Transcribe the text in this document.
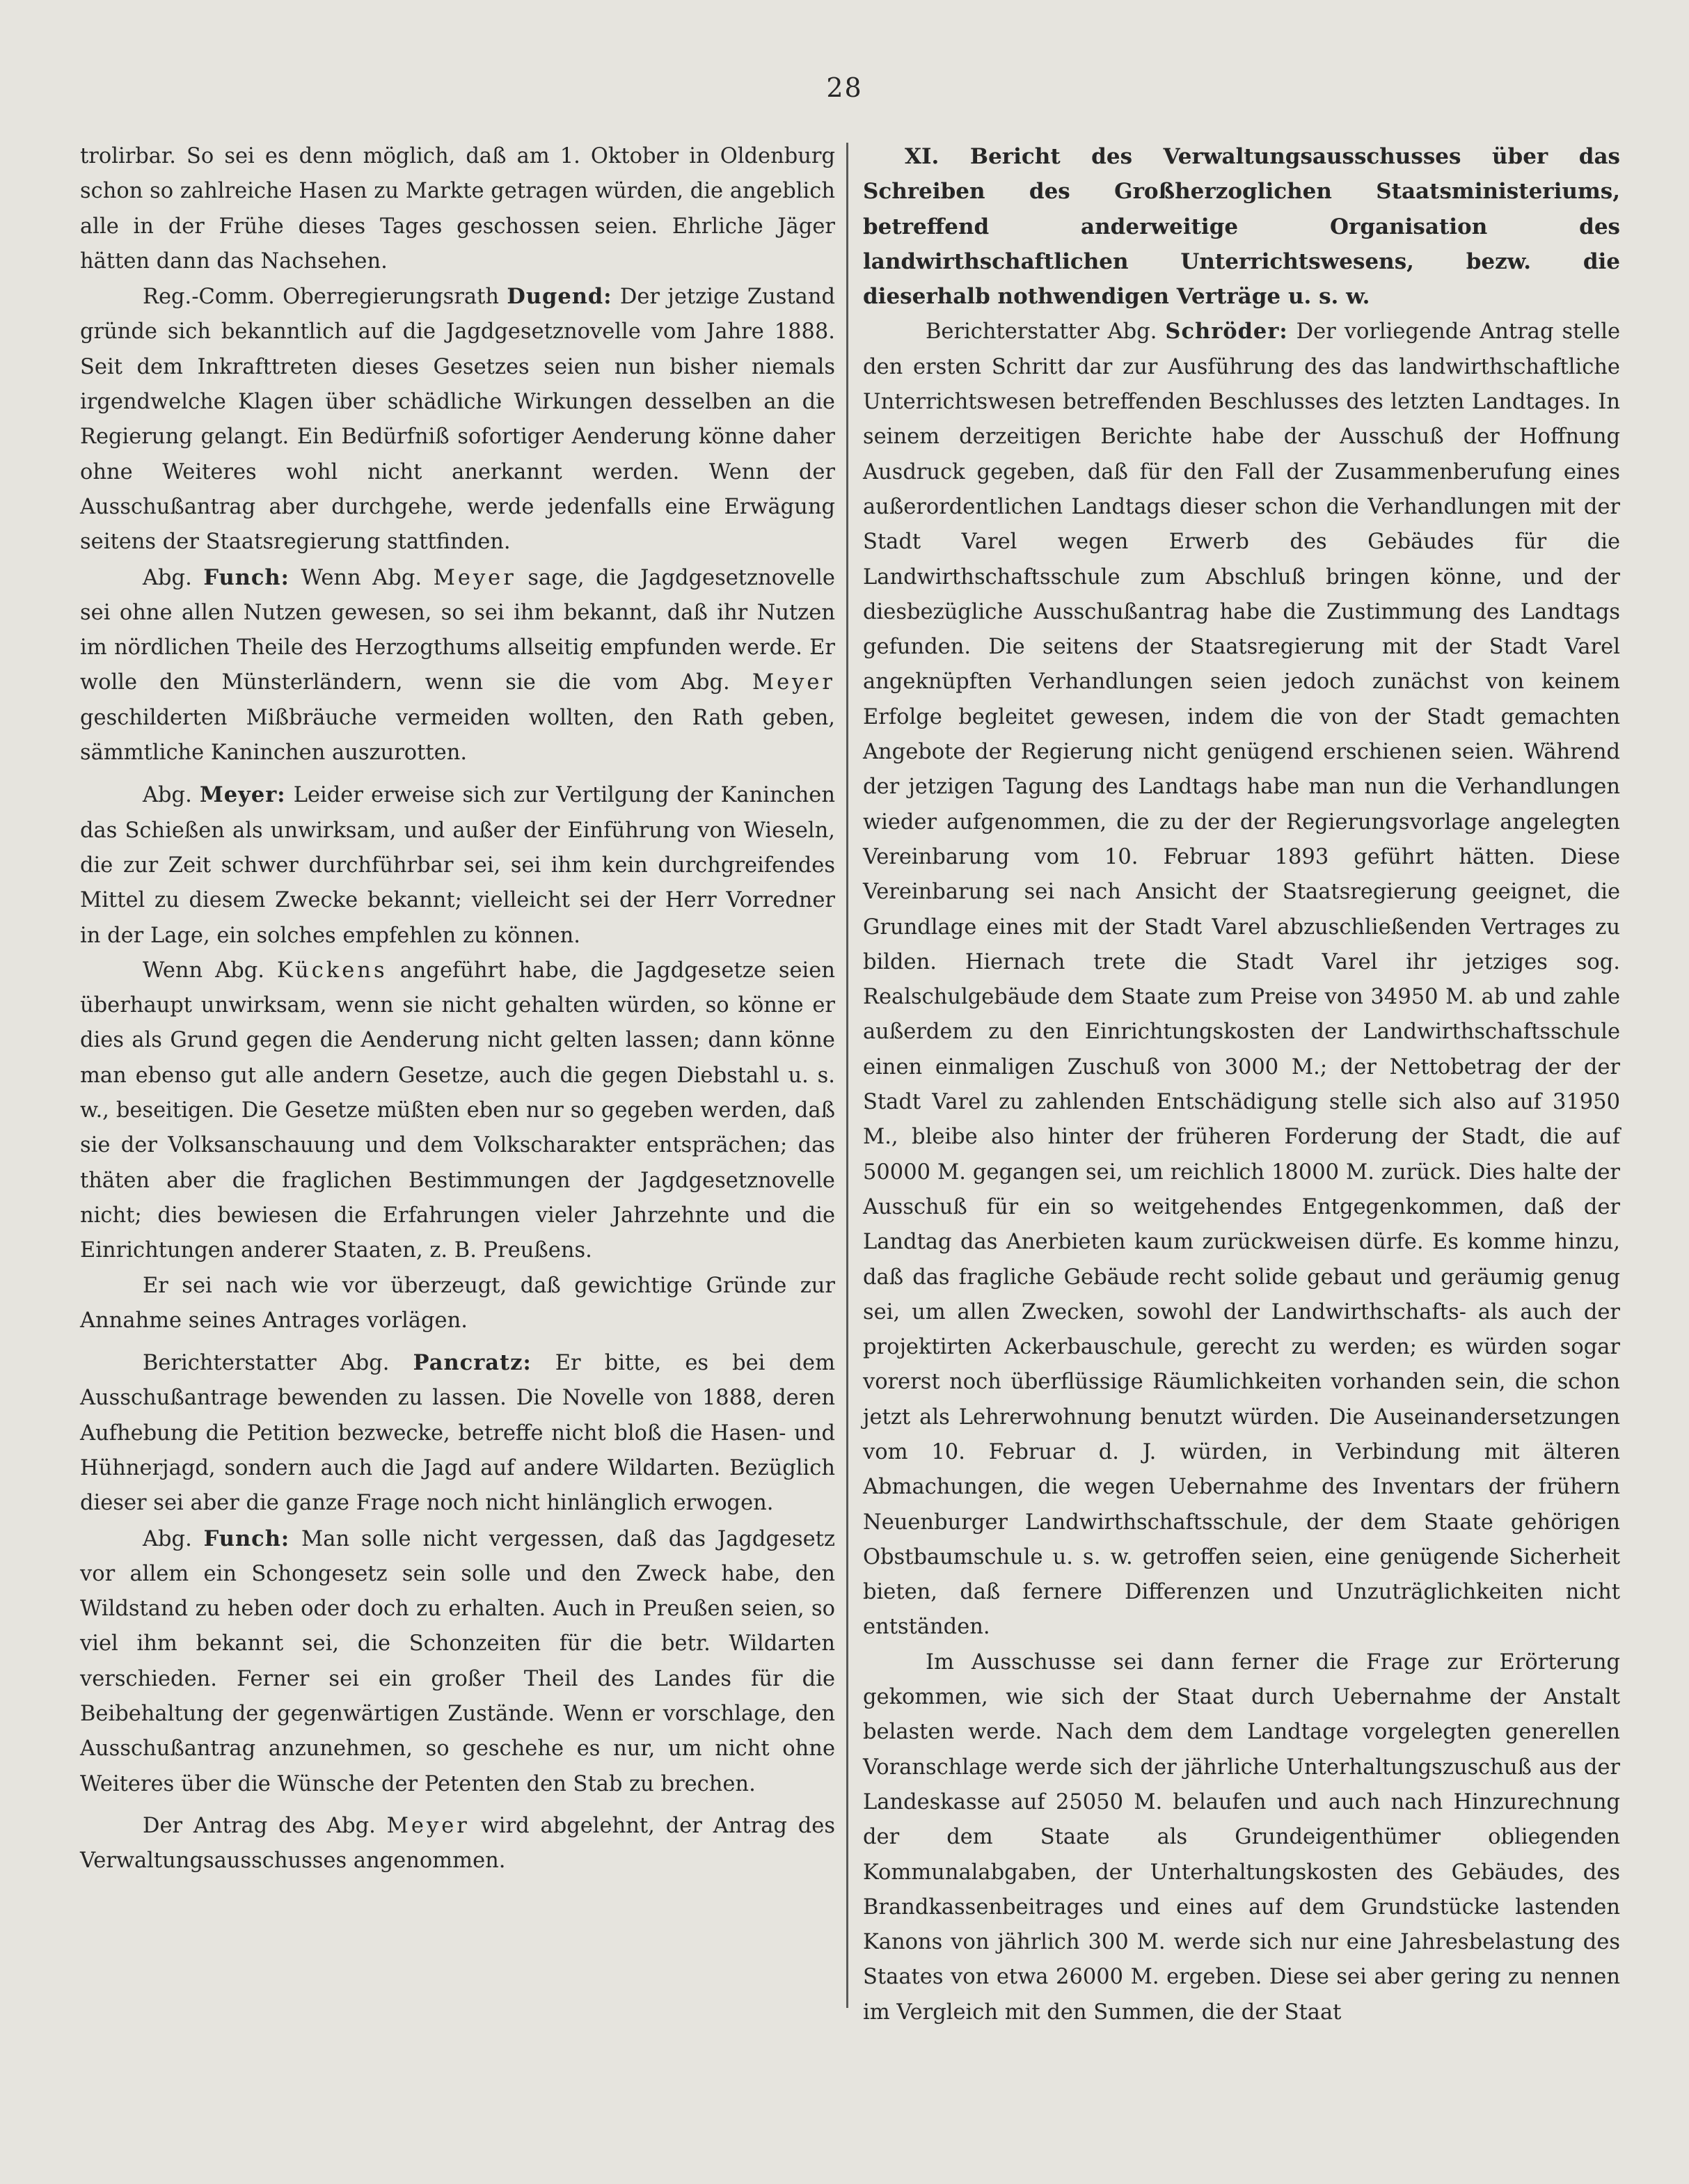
28

trolirbar. So sei es denn möglich, daß am 1. Oktober in Oldenburg schon so zahlreiche Hasen zu Markte getragen würden, die angeblich alle in der Frühe dieses Tages geschossen seien. Ehrliche Jäger hätten dann das Nachsehen.

Reg.-Comm. Oberregierungsrath Dugend: Der jetzige Zustand gründe sich bekanntlich auf die Jagdgesetznovelle vom Jahre 1888. Seit dem Inkrafttreten dieses Gesetzes seien nun bisher niemals irgendwelche Klagen über schädliche Wirkungen desselben an die Regierung gelangt. Ein Bedürfniß sofortiger Aenderung könne daher ohne Weiteres wohl nicht anerkannt werden. Wenn der Ausschußantrag aber durchgehe, werde jedenfalls eine Erwägung seitens der Staatsregierung stattfinden.

Abg. Funch: Wenn Abg. Meyer sage, die Jagdgesetznovelle sei ohne allen Nutzen gewesen, so sei ihm bekannt, daß ihr Nutzen im nördlichen Theile des Herzogthums allseitig empfunden werde. Er wolle den Münsterländern, wenn sie die vom Abg. Meyer geschilderten Mißbräuche vermeiden wollten, den Rath geben, sämmtliche Kaninchen auszurotten.

Abg. Meyer: Leider erweise sich zur Vertilgung der Kaninchen das Schießen als unwirksam, und außer der Einführung von Wieseln, die zur Zeit schwer durchführbar sei, sei ihm kein durchgreifendes Mittel zu diesem Zwecke bekannt; vielleicht sei der Herr Vorredner in der Lage, ein solches empfehlen zu können.

Wenn Abg. Kückens angeführt habe, die Jagdgesetze seien überhaupt unwirksam, wenn sie nicht gehalten würden, so könne er dies als Grund gegen die Aenderung nicht gelten lassen; dann könne man ebenso gut alle andern Gesetze, auch die gegen Diebstahl u. s. w., beseitigen. Die Gesetze müßten eben nur so gegeben werden, daß sie der Volksanschauung und dem Volkscharakter entsprächen; das thäten aber die fraglichen Bestimmungen der Jagdgesetznovelle nicht; dies bewiesen die Erfahrungen vieler Jahrzehnte und die Einrichtungen anderer Staaten, z. B. Preußens.

Er sei nach wie vor überzeugt, daß gewichtige Gründe zur Annahme seines Antrages vorlägen.

Berichterstatter Abg. Pancratz: Er bitte, es bei dem Ausschußantrage bewenden zu lassen. Die Novelle von 1888, deren Aufhebung die Petition bezwecke, betreffe nicht bloß die Hasen- und Hühnerjagd, sondern auch die Jagd auf andere Wildarten. Bezüglich dieser sei aber die ganze Frage noch nicht hinlänglich erwogen.

Abg. Funch: Man solle nicht vergessen, daß das Jagdgesetz vor allem ein Schongesetz sein solle und den Zweck habe, den Wildstand zu heben oder doch zu erhalten. Auch in Preußen seien, so viel ihm bekannt sei, die Schonzeiten für die betr. Wildarten verschieden. Ferner sei ein großer Theil des Landes für die Beibehaltung der gegenwärtigen Zustände. Wenn er vorschlage, den Ausschußantrag anzunehmen, so geschehe es nur, um nicht ohne Weiteres über die Wünsche der Petenten den Stab zu brechen.

Der Antrag des Abg. Meyer wird abgelehnt, der Antrag des Verwaltungsausschusses angenommen.

XI. Bericht des Verwaltungsausschusses über das Schreiben des Großherzoglichen Staatsministeriums, betreffend anderweitige Organisation des landwirthschaftlichen Unterrichtswesens, bezw. die dieserhalb nothwendigen Verträge u. s. w.

Berichterstatter Abg. Schröder: Der vorliegende Antrag stelle den ersten Schritt dar zur Ausführung des das landwirthschaftliche Unterrichtswesen betreffenden Beschlusses des letzten Landtages. In seinem derzeitigen Berichte habe der Ausschuß der Hoffnung Ausdruck gegeben, daß für den Fall der Zusammenberufung eines außerordentlichen Landtags dieser schon die Verhandlungen mit der Stadt Varel wegen Erwerb des Gebäudes für die Landwirthschaftsschule zum Abschluß bringen könne, und der diesbezügliche Ausschußantrag habe die Zustimmung des Landtags gefunden. Die seitens der Staatsregierung mit der Stadt Varel angeknüpften Verhandlungen seien jedoch zunächst von keinem Erfolge begleitet gewesen, indem die von der Stadt gemachten Angebote der Regierung nicht genügend erschienen seien. Während der jetzigen Tagung des Landtags habe man nun die Verhandlungen wieder aufgenommen, die zu der der Regierungsvorlage angelegten Vereinbarung vom 10. Februar 1893 geführt hätten. Diese Vereinbarung sei nach Ansicht der Staatsregierung geeignet, die Grundlage eines mit der Stadt Varel abzuschließenden Vertrages zu bilden. Hiernach trete die Stadt Varel ihr jetziges sog. Realschulgebäude dem Staate zum Preise von 34950 M. ab und zahle außerdem zu den Einrichtungskosten der Landwirthschaftsschule einen einmaligen Zuschuß von 3000 M.; der Nettobetrag der der Stadt Varel zu zahlenden Entschädigung stelle sich also auf 31950 M., bleibe also hinter der früheren Forderung der Stadt, die auf 50000 M. gegangen sei, um reichlich 18000 M. zurück. Dies halte der Ausschuß für ein so weitgehendes Entgegenkommen, daß der Landtag das Anerbieten kaum zurückweisen dürfe. Es komme hinzu, daß das fragliche Gebäude recht solide gebaut und geräumig genug sei, um allen Zwecken, sowohl der Landwirthschafts- als auch der projektirten Ackerbauschule, gerecht zu werden; es würden sogar vorerst noch überflüssige Räumlichkeiten vorhanden sein, die schon jetzt als Lehrerwohnung benutzt würden. Die Auseinandersetzungen vom 10. Februar d. J. würden, in Verbindung mit älteren Abmachungen, die wegen Uebernahme des Inventars der frühern Neuenburger Landwirthschaftsschule, der dem Staate gehörigen Obstbaumschule u. s. w. getroffen seien, eine genügende Sicherheit bieten, daß fernere Differenzen und Unzuträglichkeiten nicht entständen.

Im Ausschusse sei dann ferner die Frage zur Erörterung gekommen, wie sich der Staat durch Uebernahme der Anstalt belasten werde. Nach dem dem Landtage vorgelegten generellen Voranschlage werde sich der jährliche Unterhaltungszuschuß aus der Landeskasse auf 25050 M. belaufen und auch nach Hinzurechnung der dem Staate als Grundeigenthümer obliegenden Kommunalabgaben, der Unterhaltungskosten des Gebäudes, des Brandkassenbeitrages und eines auf dem Grundstücke lastenden Kanons von jährlich 300 M. werde sich nur eine Jahresbelastung des Staates von etwa 26000 M. ergeben. Diese sei aber gering zu nennen im Vergleich mit den Summen, die der Staat
